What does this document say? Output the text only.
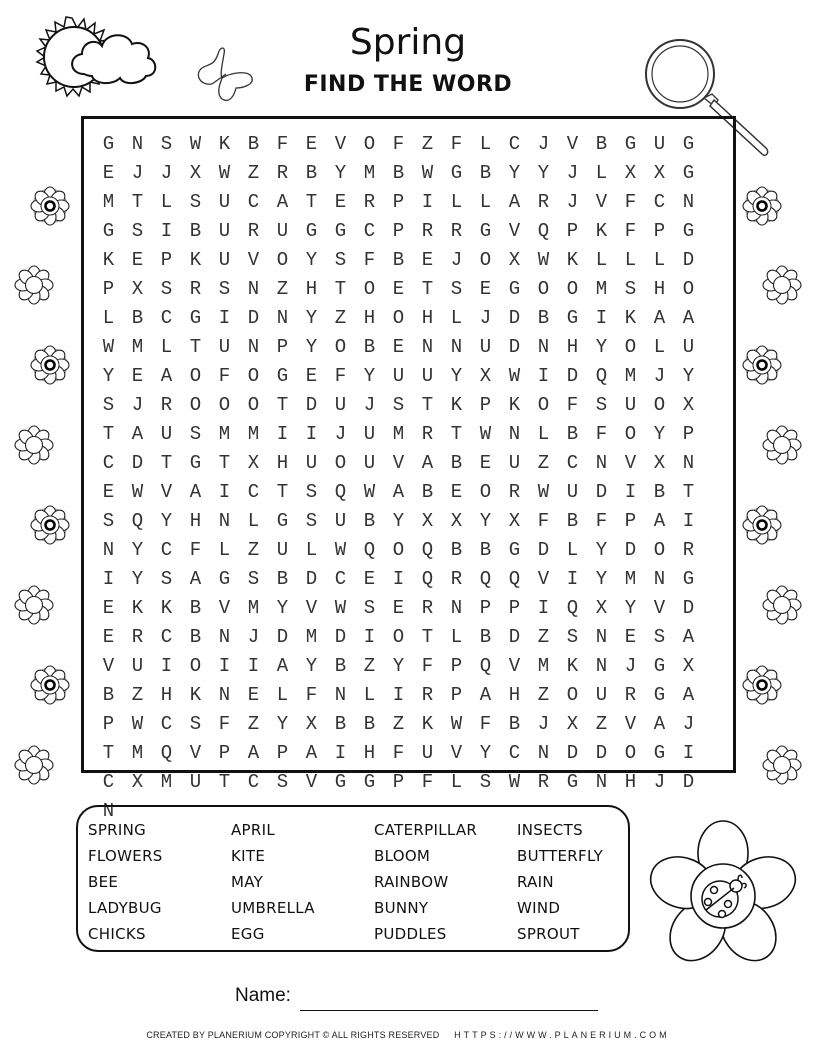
Spring
FIND THE WORD
G N S W K B F E V O F Z F L C J V B G U G
E J J X W Z R B Y M B W G B Y Y J L X X G
M T L S U C A T E R P I L L A R J V F C N
G S I B U R U G G C P R R G V Q P K F P G
K E P K U V O Y S F B E J O X W K L L L D
P X S R S N Z H T O E T S E G O O M S H O
L B C G I D N Y Z H O H L J D B G I K A A
W M L T U N P Y O B E N N U D N H Y O L U
Y E A O F O G E F Y U U Y X W I D Q M J Y
S J R O O O T D U J S T K P K O F S U O X
T A U S M M I I J U M R T W N L B F O Y P
C D T G T X H U O U V A B E U Z C N V X N
E W V A I C T S Q W A B E O R W U D I B T
S Q Y H N L G S U B Y X X Y X F B F P A I
N Y C F L Z U L W Q O Q B B G D L Y D O R
I Y S A G S B D C E I Q R Q Q V I Y M N G
E K K B V M Y V W S E R N P P I Q X Y V D
E R C B N J D M D I O T L B D Z S N E S A
V U I O I I A Y B Z Y F P Q V M K N J G X
B Z H K N E L F N L I R P A H Z O U R G A
P W C S F Z Y X B B Z K W F B J X Z V A J
T M Q V P A P A I H F U V Y C N D D O G I
C X M U T C S V G G P F L S W R G N H J D
N
SPRING	APRIL	CATERPILLAR	INSECTS
FLOWERS	KITE	BLOOM	BUTTERFLY
BEE	MAY	RAINBOW	RAIN
LADYBUG	UMBRELLA	BUNNY	WIND
CHICKS	EGG	PUDDLES	SPROUT
Name:
CREATED BY PLANERIUM COPYRIGHT © ALL RIGHTS RESERVED HTTPS://WWW.PLANERIUM.COM
